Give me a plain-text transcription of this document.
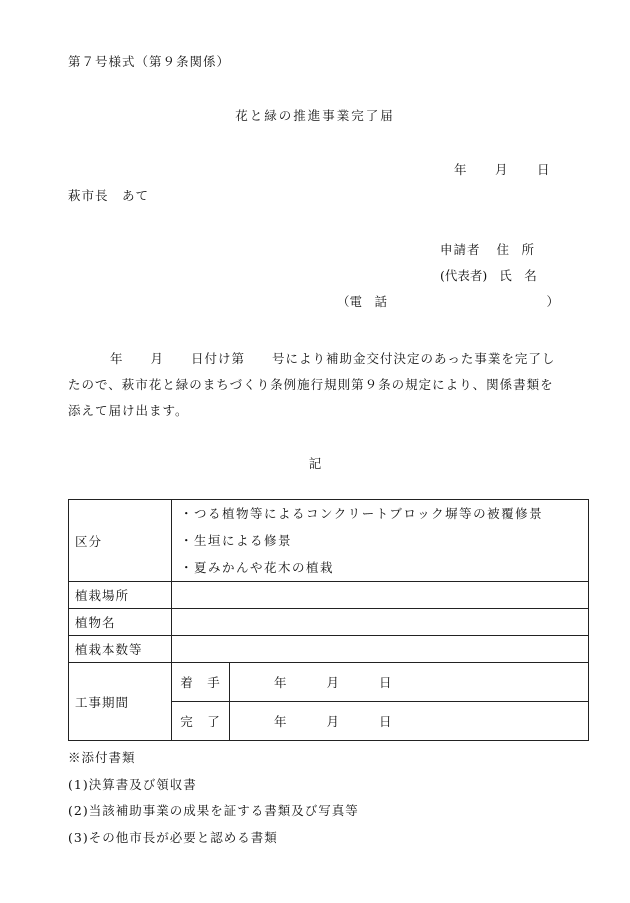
第７号様式（第９条関係）
花と緑の推進事業完了届
年 月 日
萩市長　あて
申請者 住　所
(代表者) 氏　名
（電　話	）
年　　月　　日付け第　　号により補助金交付決定のあった事業を完了したので、萩市花と緑のまちづくり条例施行規則第９条の規定により、関係書類を添えて届け出ます。
記
区分	・つる植物等によるコンクリートブロック塀等の被覆修景
・生垣による修景
・夏みかんや花木の植栽	

植栽場所		
植物名		
植栽本数等		
工事期間	着　手	年 月 日
	完　了	年 月 日
※添付書類
(1)決算書及び領収書
(2)当該補助事業の成果を証する書類及び写真等
(3)その他市長が必要と認める書類
